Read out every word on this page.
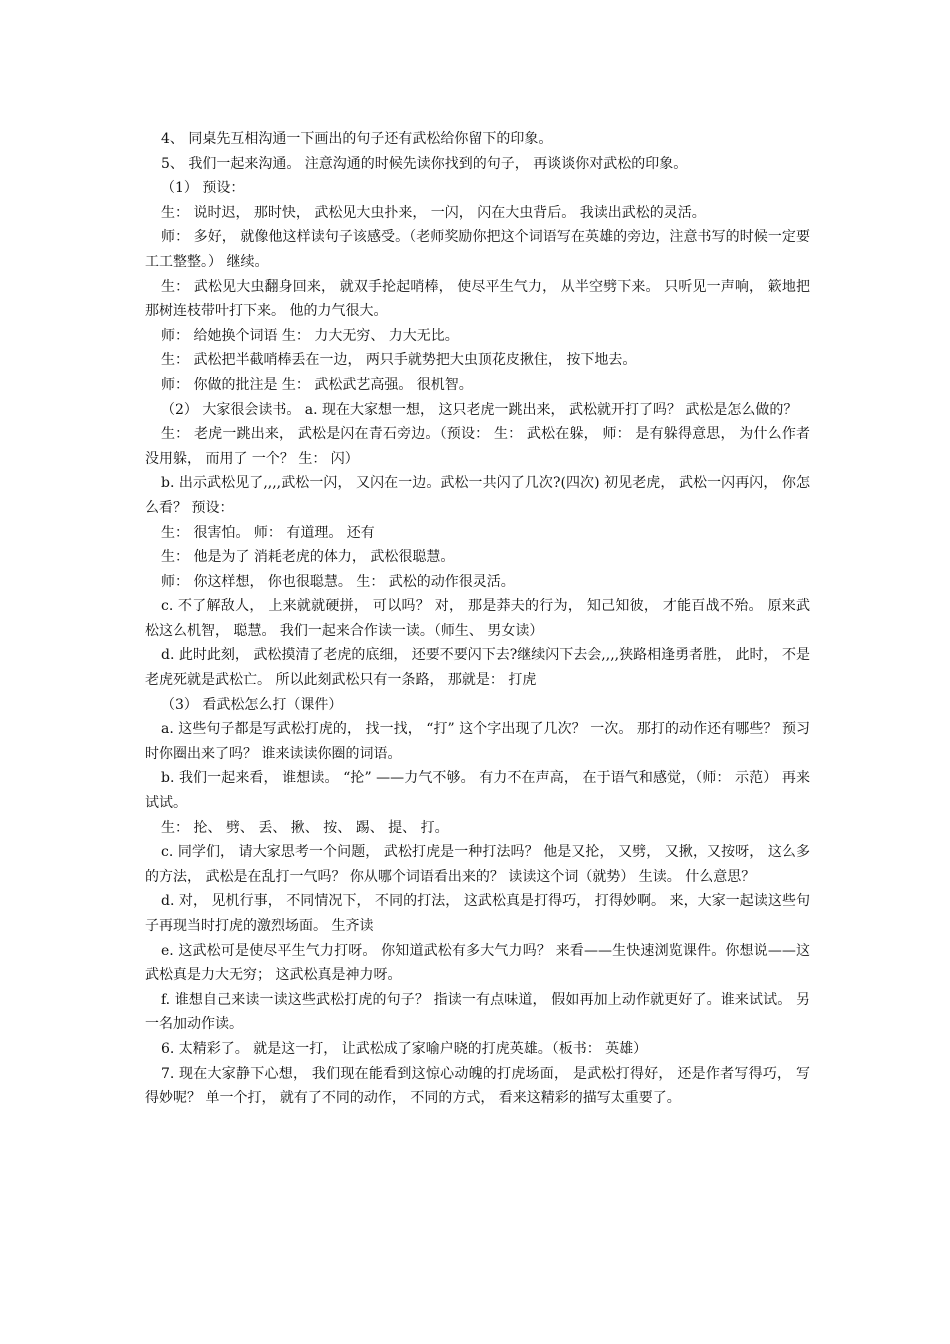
4、 同桌先互相沟通一下画出的句子还有武松给你留下的印象。

5、 我们一起来沟通。 注意沟通的时候先读你找到的句子， 再谈谈你对武松的印象。

（1） 预设：

生： 说时迟， 那时快， 武松见大虫扑来， 一闪， 闪在大虫背后。 我读出武松的灵活。

师： 多好， 就像他这样读句子该感受。（老师奖励你把这个词语写在英雄的旁边，注意书写的时候一定要工工整整。） 继续。

生： 武松见大虫翻身回来， 就双手抡起哨棒， 使尽平生气力， 从半空劈下来。 只听见一声响， 簌地把那树连枝带叶打下来。 他的力气很大。

师： 给她换个词语 生： 力大无穷、 力大无比。

生： 武松把半截哨棒丢在一边， 两只手就势把大虫顶花皮揪住， 按下地去。

师： 你做的批注是 生： 武松武艺高强。 很机智。

（2） 大家很会读书。 a. 现在大家想一想， 这只老虎一跳出来， 武松就开打了吗？ 武松是怎么做的？

生： 老虎一跳出来， 武松是闪在青石旁边。（预设： 生： 武松在躲， 师： 是有躲得意思， 为什么作者没用躲， 而用了 一个？ 生： 闪）

b. 出示武松见了,,,,武松一闪， 又闪在一边。武松一共闪了几次?(四次) 初见老虎， 武松一闪再闪， 你怎么看？ 预设：

生： 很害怕。 师： 有道理。 还有

生： 他是为了 消耗老虎的体力， 武松很聪慧。

师： 你这样想， 你也很聪慧。 生： 武松的动作很灵活。

c. 不了解敌人， 上来就就硬拼， 可以吗？ 对， 那是莽夫的行为， 知己知彼， 才能百战不殆。 原来武松这么机智， 聪慧。 我们一起来合作读一读。（师生、 男女读）

d. 此时此刻， 武松摸清了老虎的底细， 还要不要闪下去?继续闪下去会,,,,狭路相逢勇者胜， 此时， 不是老虎死就是武松亡。 所以此刻武松只有一条路， 那就是： 打虎

（3） 看武松怎么打（课件）

a. 这些句子都是写武松打虎的， 找一找， “打” 这个字出现了几次？ 一次。 那打的动作还有哪些？ 预习时你圈出来了吗？ 谁来读读你圈的词语。

b. 我们一起来看， 谁想读。 “抡” ——力气不够。 有力不在声高， 在于语气和感觉，（师： 示范） 再来试试。

生： 抡、 劈、 丢、 揪、 按、 踢、 提、 打。

c. 同学们， 请大家思考一个问题， 武松打虎是一种打法吗？ 他是又抡， 又劈， 又揪，又按呀， 这么多的方法， 武松是在乱打一气吗？ 你从哪个词语看出来的？ 读读这个词（就势） 生读。 什么意思？

d. 对， 见机行事， 不同情况下， 不同的打法， 这武松真是打得巧， 打得妙啊。 来，大家一起读这些句子再现当时打虎的激烈场面。 生齐读

e. 这武松可是使尽平生气力打呀。 你知道武松有多大气力吗？ 来看——生快速浏览课件。你想说——这武松真是力大无穷； 这武松真是神力呀。

f. 谁想自己来读一读这些武松打虎的句子？ 指读一有点味道， 假如再加上动作就更好了。谁来试试。 另一名加动作读。

6. 太精彩了。 就是这一打， 让武松成了家喻户晓的打虎英雄。（板书： 英雄）

7. 现在大家静下心想， 我们现在能看到这惊心动魄的打虎场面， 是武松打得好， 还是作者写得巧， 写得妙呢？ 单一个打， 就有了不同的动作， 不同的方式， 看来这精彩的描写太重要了。
